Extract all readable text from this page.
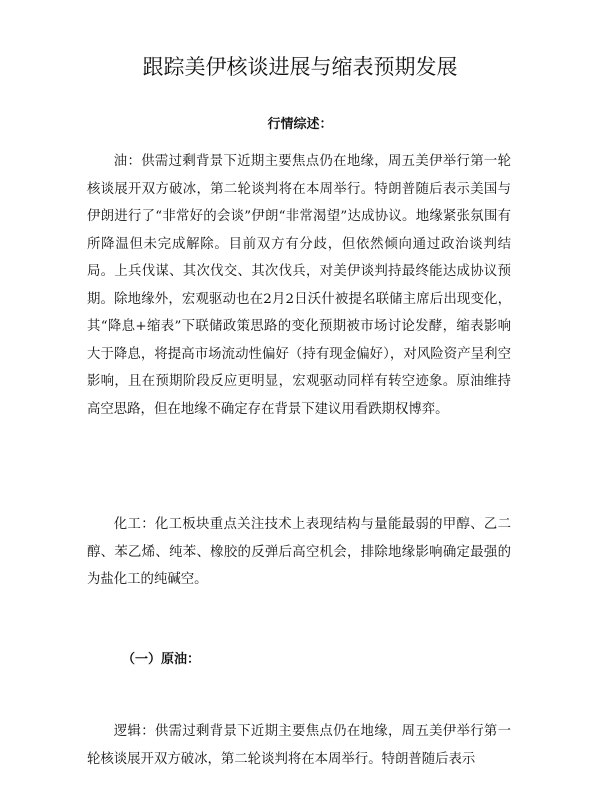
跟踪美伊核谈进展与缩表预期发展
行情综述：

油：供需过剩背景下近期主要焦点仍在地缘，周五美伊举行第一轮核谈展开双方破冰，第二轮谈判将在本周举行。特朗普随后表示美国与伊朗进行了“非常好的会谈”伊朗“非常渴望”达成协议。地缘紧张氛围有所降温但未完成解除。目前双方有分歧，但依然倾向通过政治谈判结局。上兵伐谋、其次伐交、其次伐兵，对美伊谈判持最终能达成协议预期。除地缘外，宏观驱动也在2月2日沃什被提名联储主席后出现变化，其“降息+缩表”下联储政策思路的变化预期被市场讨论发酵，缩表影响大于降息，将提高市场流动性偏好（持有现金偏好），对风险资产呈利空影响，且在预期阶段反应更明显，宏观驱动同样有转空迹象。原油维持高空思路，但在地缘不确定存在背景下建议用看跌期权博弈。

化工：化工板块重点关注技术上表现结构与量能最弱的甲醇、乙二醇、苯乙烯、纯苯、橡胶的反弹后高空机会，排除地缘影响确定最强的为盐化工的纯碱空。

（一）原油：

逻辑：供需过剩背景下近期主要焦点仍在地缘，周五美伊举行第一轮核谈展开双方破冰，第二轮谈判将在本周举行。特朗普随后表示
